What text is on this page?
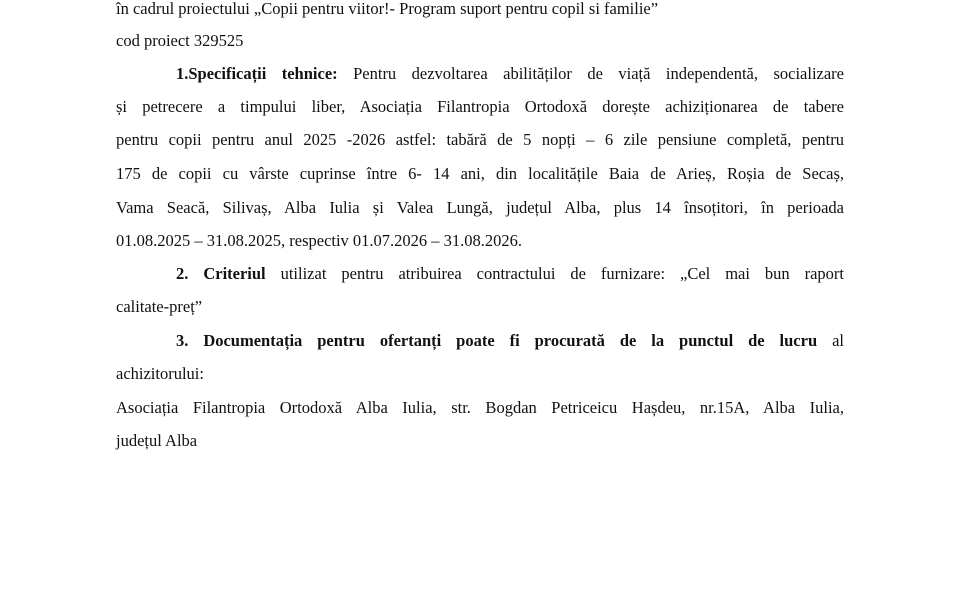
în cadrul proiectului „Copii pentru viitor!- Program suport pentru copil si familie”
cod proiect 329525
1.Specificații tehnice: Pentru dezvoltarea abilităților de viață independentă, socializare
și petrecere a timpului liber, Asociația Filantropia Ortodoxă dorește achiziționarea de tabere
pentru copii pentru anul 2025 -2026 astfel: tabără de 5 nopți – 6 zile pensiune completă, pentru
175 de copii cu vârste cuprinse între 6- 14 ani, din localitățile Baia de Arieș, Roșia de Secaș,
Vama Seacă, Silivaș, Alba Iulia și Valea Lungă, județul Alba, plus 14 însoțitori, în perioada
01.08.2025 – 31.08.2025, respectiv 01.07.2026 – 31.08.2026.
2. Criteriul utilizat pentru atribuirea contractului de furnizare: „Cel mai bun raport
calitate-preț”
3. Documentația pentru ofertanți poate fi procurată de la punctul de lucru al
achizitorului:
Asociația Filantropia Ortodoxă Alba Iulia, str. Bogdan Petriceicu Hașdeu, nr.15A, Alba Iulia,
județul Alba
